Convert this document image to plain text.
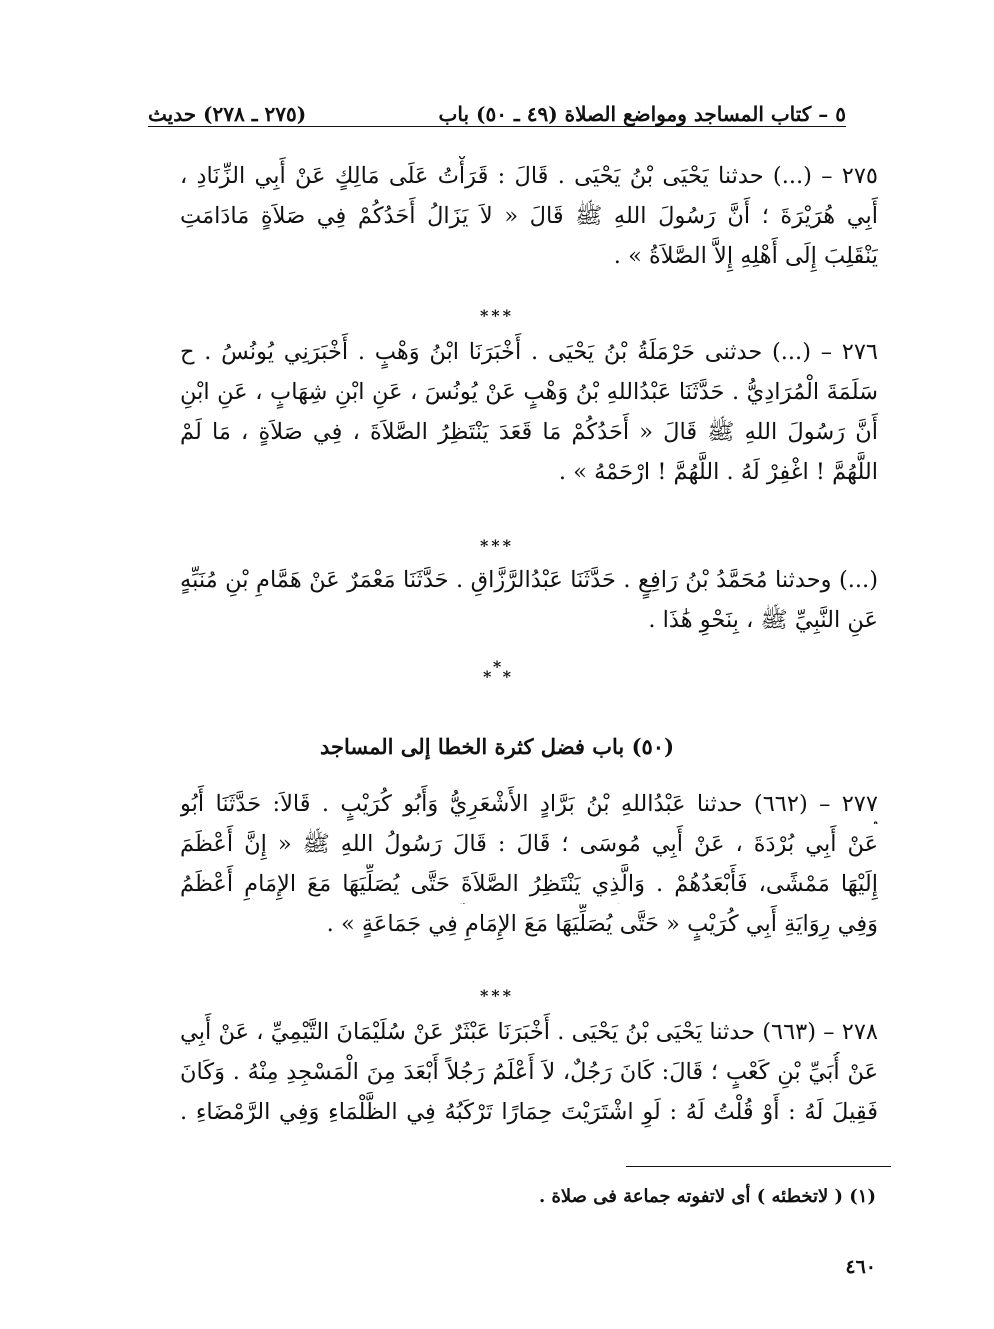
٥ – كتاب المساجد ومواضع الصلاة (٤٩ ـ ٥٠) باب
(٢٧٥ ـ ٢٧٨) حديث
٢٧٥ – (...) حدثنا يَحْيَى بْنُ يَحْيَى . قَالَ : قَرَأْتُ عَلَى مَالِكٍ عَنْ أَبِي الزِّنَادِ ،
أَبِي هُرَيْرَةَ ؛ أَنَّ رَسُولَ اللهِ ﷺ قَالَ « لاَ يَزَالُ أَحَدُكُمْ فِي صَلاَةٍ مَادَامَتِ
يَنْقَلِبَ إِلَى أَهْلِهِ إِلاَّ الصَّلاَةُ » .
***
٢٧٦ – (...) حدثنى حَرْمَلَةُ بْنُ يَحْيَى . أَخْبَرَنَا ابْنُ وَهْبٍ . أَخْبَرَنِي يُونُسُ . ح
سَلَمَةَ الْمُرَادِيُّ . حَدَّثَنَا عَبْدُاللهِ بْنُ وَهْبٍ عَنْ يُونُسَ ، عَنِ ابْنِ شِهَابٍ ، عَنِ ابْنِ
أَنَّ رَسُولَ اللهِ ﷺ قَالَ « أَحَدُكُمْ مَا قَعَدَ يَنْتَظِرُ الصَّلاَةَ ، فِي صَلاَةٍ ، مَا لَمْ
اللَّهُمَّ ! اغْفِرْ لَهُ . اللَّهُمَّ ! ارْحَمْهُ » .
***
(...) وحدثنا مُحَمَّدُ بْنُ رَافِعٍ . حَدَّثَنَا عَبْدُالرَّزَّاقِ . حَدَّثَنَا مَعْمَرٌ عَنْ هَمَّامِ بْنِ مُنَبِّهٍ
عَنِ النَّبِيِّ ﷺ ، بِنَحْوِ هَٰذَا .
*
*  *
(٥٠) باب فضل كثرة الخطا إلى المساجد
٢٧٧ – (٦٦٢) حدثنا عَبْدُاللهِ بْنُ بَرَّادٍ الأَشْعَرِيُّ وَأَبُو كُرَيْبٍ . قَالاَ: حَدَّثَنَا أَبُو
عَنْ أَبِي بُرْدَةَ ، عَنْ أَبِي مُوسَى ؛ قَالَ : قَالَ رَسُولُ اللهِ ﷺ « إِنَّ أَعْظَمَ
إِلَيْهَا مَمْشًى، فَأَبْعَدُهُمْ . وَالَّذِي يَنْتَظِرُ الصَّلاَةَ حَتَّى يُصَلِّيَهَا مَعَ الإِمَامِ أَعْظَمُ
وَفِي رِوَايَةِ أَبِي كُرَيْبٍ « حَتَّى يُصَلِّيَهَا مَعَ الإِمَامِ فِي جَمَاعَةٍ » .
***
٢٧٨ – (٦٦٣) حدثنا يَحْيَى بْنُ يَحْيَى . أَخْبَرَنَا عَبْثَرٌ عَنْ سُلَيْمَانَ التَّيْمِيِّ ، عَنْ أَبِي
عَنْ أُبَيِّ بْنِ كَعْبٍ ؛ قَالَ: كَانَ رَجُلٌ، لاَ أَعْلَمُ رَجُلاً أَبْعَدَ مِنَ الْمَسْجِدِ مِنْهُ . وَكَانَ
فَقِيلَ لَهُ : أَوْ قُلْتُ لَهُ : لَوِ اشْتَرَيْتَ حِمَارًا تَرْكَبُهُ فِي الظَّلْمَاءِ وَفِي الرَّمْضَاءِ .
(١) ( لاتخطئه ) أى لاتفوته جماعة فى صلاة .
٤٦٠
